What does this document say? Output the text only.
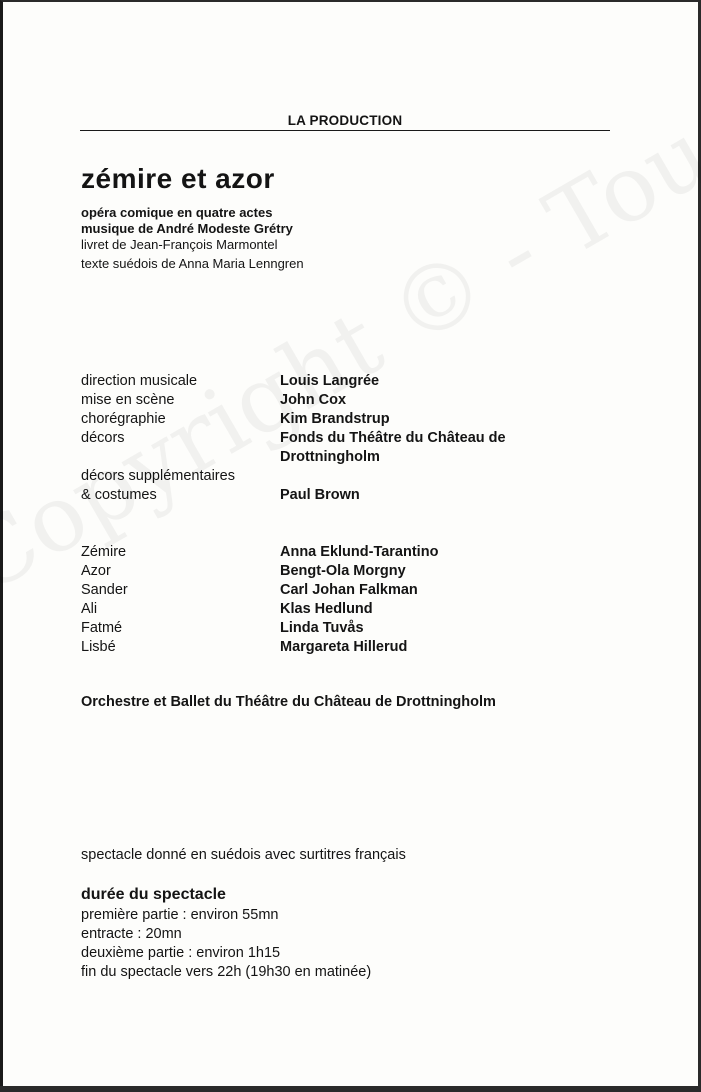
LA PRODUCTION
zémire et azor
opéra comique en quatre actes
musique de André Modeste Grétry
livret de Jean-François Marmontel
texte suédois de Anna Maria Lenngren
direction musicale	Louis Langrée
mise en scène	John Cox
chorégraphie	Kim Brandstrup
décors	Fonds du Théâtre du Château de
Drottningholm
décors supplémentaires
& costumes	Paul Brown
Zémire	Anna Eklund-Tarantino
Azor	Bengt-Ola Morgny
Sander	Carl Johan Falkman
Ali	Klas Hedlund
Fatmé	Linda Tuvås
Lisbé	Margareta Hillerud
Orchestre et Ballet du Théâtre du Château de Drottningholm
spectacle donné en suédois avec surtitres français
durée du spectacle
première partie : environ 55mn
entracte : 20mn
deuxième partie : environ 1h15
fin du spectacle vers 22h (19h30 en matinée)
